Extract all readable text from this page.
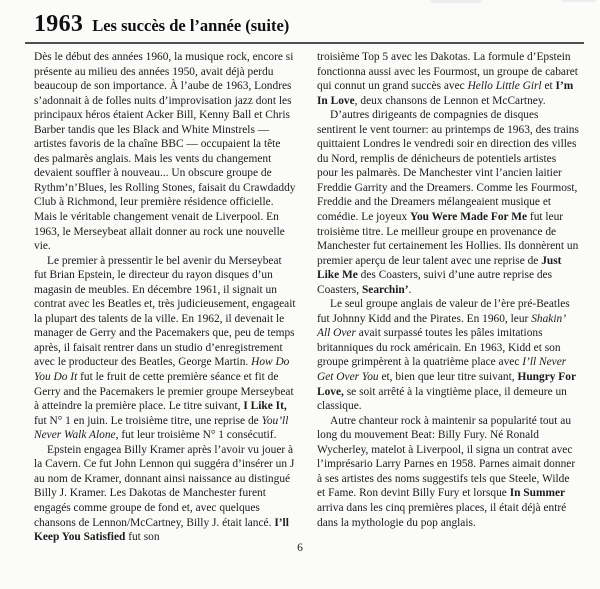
1963 Les succès de l’année (suite)

Dès le début des années 1960, la musique rock, encore si présente au milieu des années 1950, avait déjà perdu beaucoup de son importance. À l’aube de 1963, Londres s’adonnait à de folles nuits d’improvisation jazz dont les principaux héros étaient Acker Bill, Kenny Ball et Chris Barber tandis que les Black and White Minstrels — artistes favoris de la chaîne BBC — occupaient la tête des palmarès anglais. Mais les vents du changement devaient souffler à nouveau... Un obscure groupe de Rythm’n’Blues, les Rolling Stones, faisait du Crawdaddy Club à Richmond, leur première résidence officielle. Mais le véritable changement venait de Liverpool. En 1963, le Merseybeat allait donner au rock une nouvelle vie.

Le premier à pressentir le bel avenir du Merseybeat fut Brian Epstein, le directeur du rayon disques d’un magasin de meubles. En décembre 1961, il signait un contrat avec les Beatles et, très judicieusement, engageait la plupart des talents de la ville. En 1962, il devenait le manager de Gerry and the Pacemakers que, peu de temps après, il faisait rentrer dans un studio d’enregistrement avec le producteur des Beatles, George Martin. How Do You Do It fut le fruit de cette première séance et fit de Gerry and the Pacemakers le premier groupe Merseybeat à atteindre la première place. Le titre suivant, I Like It, fut N° 1 en juin. Le troisième titre, une reprise de You’ll Never Walk Alone, fut leur troisième N° 1 consécutif.

Epstein engagea Billy Kramer après l’avoir vu jouer à la Cavern. Ce fut John Lennon qui suggéra d’insérer un J au nom de Kramer, donnant ainsi naissance au distingué Billy J. Kramer. Les Dakotas de Manchester furent engagés comme groupe de fond et, avec quelques chansons de Lennon/McCartney, Billy J. était lancé. I’ll Keep You Satisfied fut son

troisième Top 5 avec les Dakotas. La formule d’Epstein fonctionna aussi avec les Fourmost, un groupe de cabaret qui connut un grand succès avec Hello Little Girl et I’m In Love, deux chansons de Lennon et McCartney.

D’autres dirigeants de compagnies de disques sentirent le vent tourner: au printemps de 1963, des trains quittaient Londres le vendredi soir en direction des villes du Nord, remplis de dénicheurs de potentiels artistes pour les palmarès. De Manchester vint l’ancien laitier Freddie Garrity and the Dreamers. Comme les Fourmost, Freddie and the Dreamers mélangeaient musique et comédie. Le joyeux You Were Made For Me fut leur troisième titre. Le meilleur groupe en provenance de Manchester fut certainement les Hollies. Ils donnèrent un premier aperçu de leur talent avec une reprise de Just Like Me des Coasters, suivi d’une autre reprise des Coasters, Searchin’.

Le seul groupe anglais de valeur de l’ère pré-Beatles fut Johnny Kidd and the Pirates. En 1960, leur Shakin’ All Over avait surpassé toutes les pâles imitations britanniques du rock américain. En 1963, Kidd et son groupe grimpèrent à la quatrième place avec I’ll Never Get Over You et, bien que leur titre suivant, Hungry For Love, se soit arrêté à la vingtième place, il demeure un classique.

Autre chanteur rock à maintenir sa popularité tout au long du mouvement Beat: Billy Fury. Né Ronald Wycherley, matelot à Liverpool, il signa un contrat avec l’imprésario Larry Parnes en 1958. Parnes aimait donner à ses artistes des noms suggestifs tels que Steele, Wilde et Fame. Ron devint Billy Fury et lorsque In Summer arriva dans les cinq premières places, il était déjà entré dans la mythologie du pop anglais.

6
